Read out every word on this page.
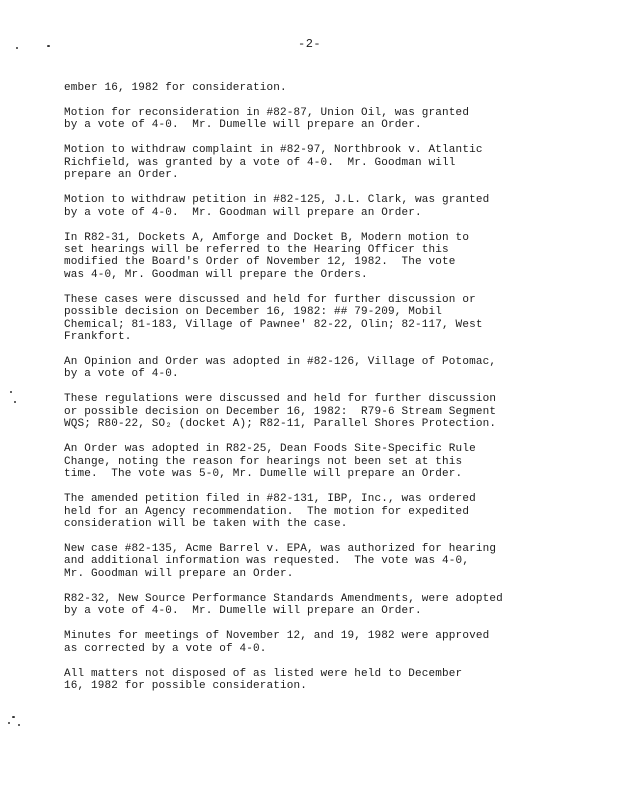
-2-

ember 16, 1982 for consideration.

Motion for reconsideration in #82-87, Union Oil, was granted
by a vote of 4-0.  Mr. Dumelle will prepare an Order.

Motion to withdraw complaint in #82-97, Northbrook v. Atlantic
Richfield, was granted by a vote of 4-0.  Mr. Goodman will
prepare an Order.

Motion to withdraw petition in #82-125, J.L. Clark, was granted
by a vote of 4-0.  Mr. Goodman will prepare an Order.

In R82-31, Dockets A, Amforge and Docket B, Modern motion to
set hearings will be referred to the Hearing Officer this
modified the Board's Order of November 12, 1982.  The vote
was 4-0, Mr. Goodman will prepare the Orders.

These cases were discussed and held for further discussion or
possible decision on December 16, 1982: ## 79-209, Mobil
Chemical; 81-183, Village of Pawnee' 82-22, Olin; 82-117, West
Frankfort.

An Opinion and Order was adopted in #82-126, Village of Potomac,
by a vote of 4-0.

These regulations were discussed and held for further discussion
or possible decision on December 16, 1982:  R79-6 Stream Segment
WQS; R80-22, SO₂ (docket A); R82-11, Parallel Shores Protection.

An Order was adopted in R82-25, Dean Foods Site-Specific Rule
Change, noting the reason for hearings not been set at this
time.  The vote was 5-0, Mr. Dumelle will prepare an Order.

The amended petition filed in #82-131, IBP, Inc., was ordered
held for an Agency recommendation.  The motion for expedited
consideration will be taken with the case.

New case #82-135, Acme Barrel v. EPA, was authorized for hearing
and additional information was requested.  The vote was 4-0,
Mr. Goodman will prepare an Order.

R82-32, New Source Performance Standards Amendments, were adopted
by a vote of 4-0.  Mr. Dumelle will prepare an Order.

Minutes for meetings of November 12, and 19, 1982 were approved
as corrected by a vote of 4-0.

All matters not disposed of as listed were held to December
16, 1982 for possible consideration.
